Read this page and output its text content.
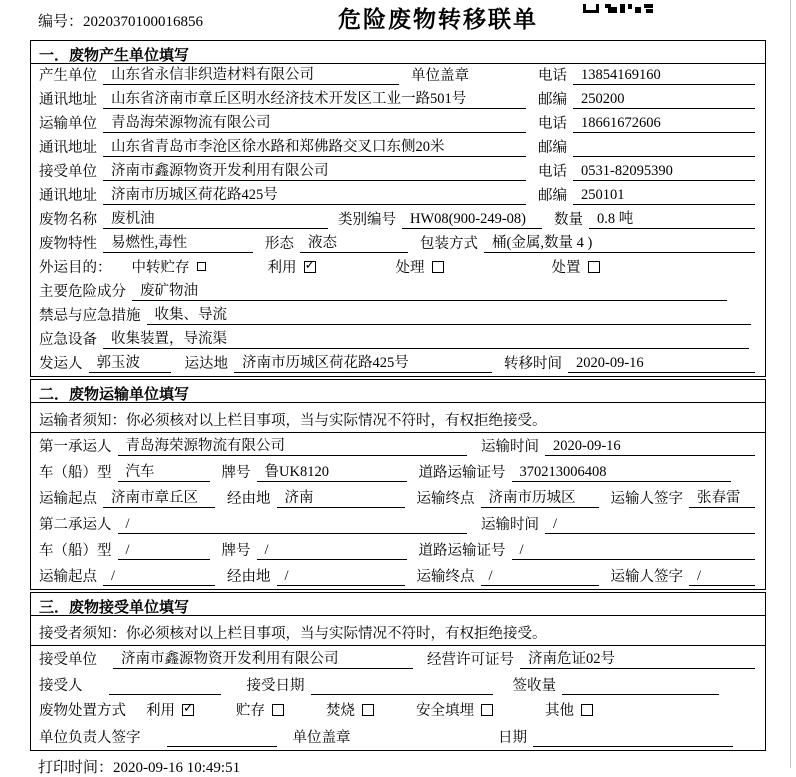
编号：2020370100016856	危险废物转移联单
一．废物产生单位填写
产生单位 山东省永信非织造材料有限公司	单位盖章	电话 13854169160
通讯地址 山东省济南市章丘区明水经济技术开发区工业一路501号	邮编 250200
运输单位 青岛海荣源物流有限公司	电话 18661672606
通讯地址 山东省青岛市李沧区徐水路和郑佛路交叉口东侧20米	邮编
接受单位 济南市鑫源物资开发利用有限公司	电话 0531-82095390
通讯地址 济南市历城区荷花路425号	邮编 250101
废物名称 废机油	类别编号 HW08(900-249-08)	数量 0.8 吨
废物特性 易燃性,毒性	形态 液态	包装方式 桶(金属,数量 4 )
外运目的： 中转贮存	利用 ✓	处理	处置
主要危险成分 废矿物油
禁忌与应急措施 收集、导流
应急设备 收集装置，导流渠
发运人 郭玉波	运达地 济南市历城区荷花路425号	转移时间 2020-09-16
二．废物运输单位填写
运输者须知：你必须核对以上栏目事项，当与实际情况不符时，有权拒绝接受。
第一承运人 青岛海荣源物流有限公司	运输时间 2020-09-16
车（船）型 汽车	牌号 鲁UK8120	道路运输证号 370213006408
运输起点 济南市章丘区	经由地 济南	运输终点 济南市历城区	运输人签字 张春雷
第二承运人 /	运输时间 /
车（船）型 /	牌号 /	道路运输证号 /
运输起点 /	经由地 /	运输终点 /	运输人签字 /
三．废物接受单位填写
接受者须知：你必须核对以上栏目事项，当与实际情况不符时，有权拒绝接受。
接受单位	济南市鑫源物资开发利用有限公司	经营许可证号 济南危证02号
接受人	接受日期	签收量
废物处置方式 利用 ✓	贮存	焚烧	安全填埋	其他
单位负责人签字	单位盖章	日期
打印时间：2020-09-16 10:49:51
